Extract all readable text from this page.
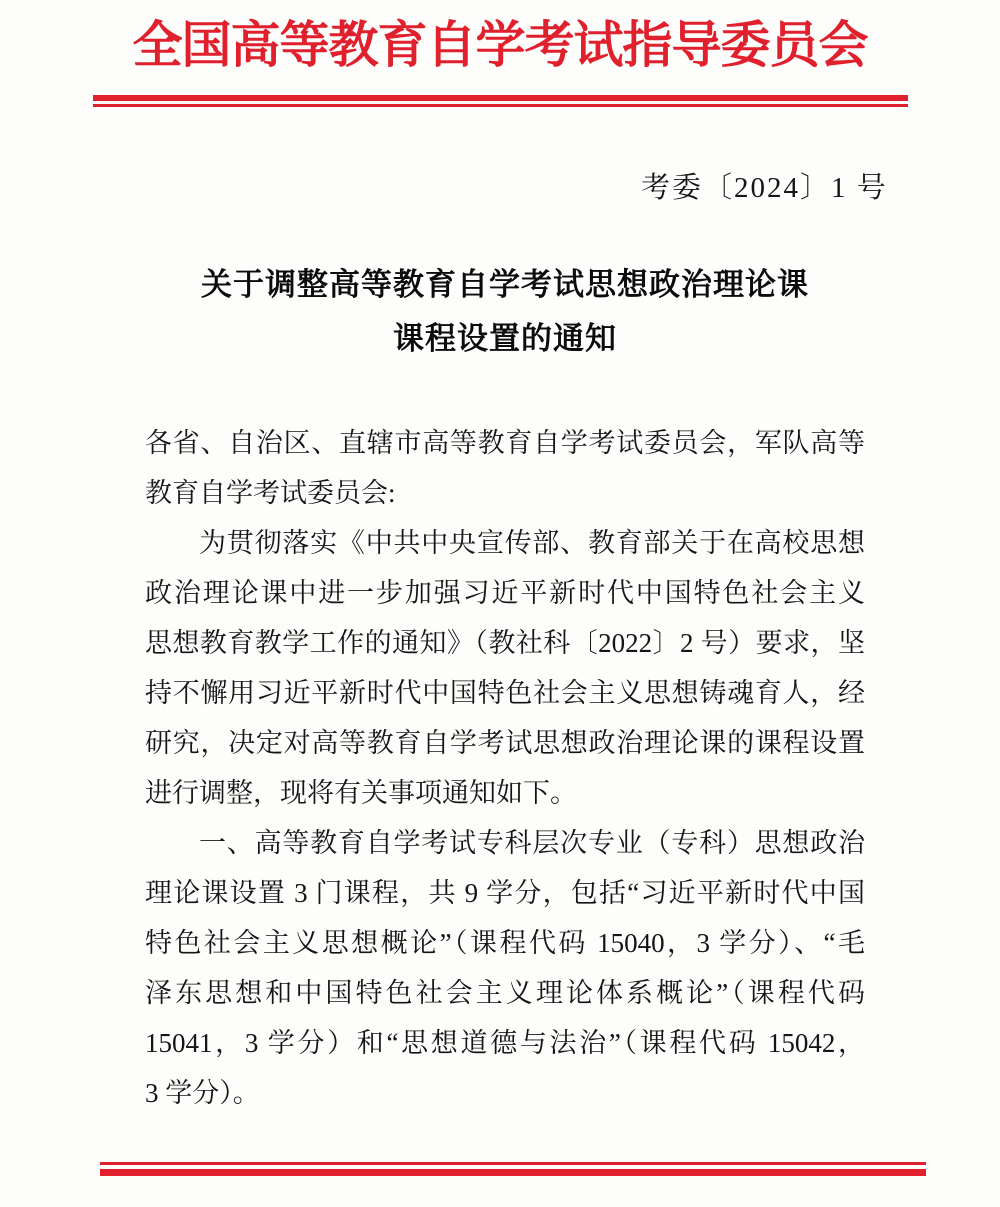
全国高等教育自学考试指导委员会
考委〔2024〕1 号
关于调整高等教育自学考试思想政治理论课
课程设置的通知
各省、自治区、直辖市高等教育自学考试委员会，军队高等
教育自学考试委员会:
为贯彻落实《中共中央宣传部、教育部关于在高校思想
政治理论课中进一步加强习近平新时代中国特色社会主义
思想教育教学工作的通知》（教社科〔2022〕2 号）要求，坚
持不懈用习近平新时代中国特色社会主义思想铸魂育人，经
研究，决定对高等教育自学考试思想政治理论课的课程设置
进行调整，现将有关事项通知如下。
一、高等教育自学考试专科层次专业（专科）思想政治
理论课设置 3 门课程，共 9 学分，包括“习近平新时代中国
特色社会主义思想概论”（课程代码 15040，3 学分）、“毛
泽东思想和中国特色社会主义理论体系概论”（课程代码
15041，3 学分）和“思想道德与法治”（课程代码 15042，
3 学分）。
